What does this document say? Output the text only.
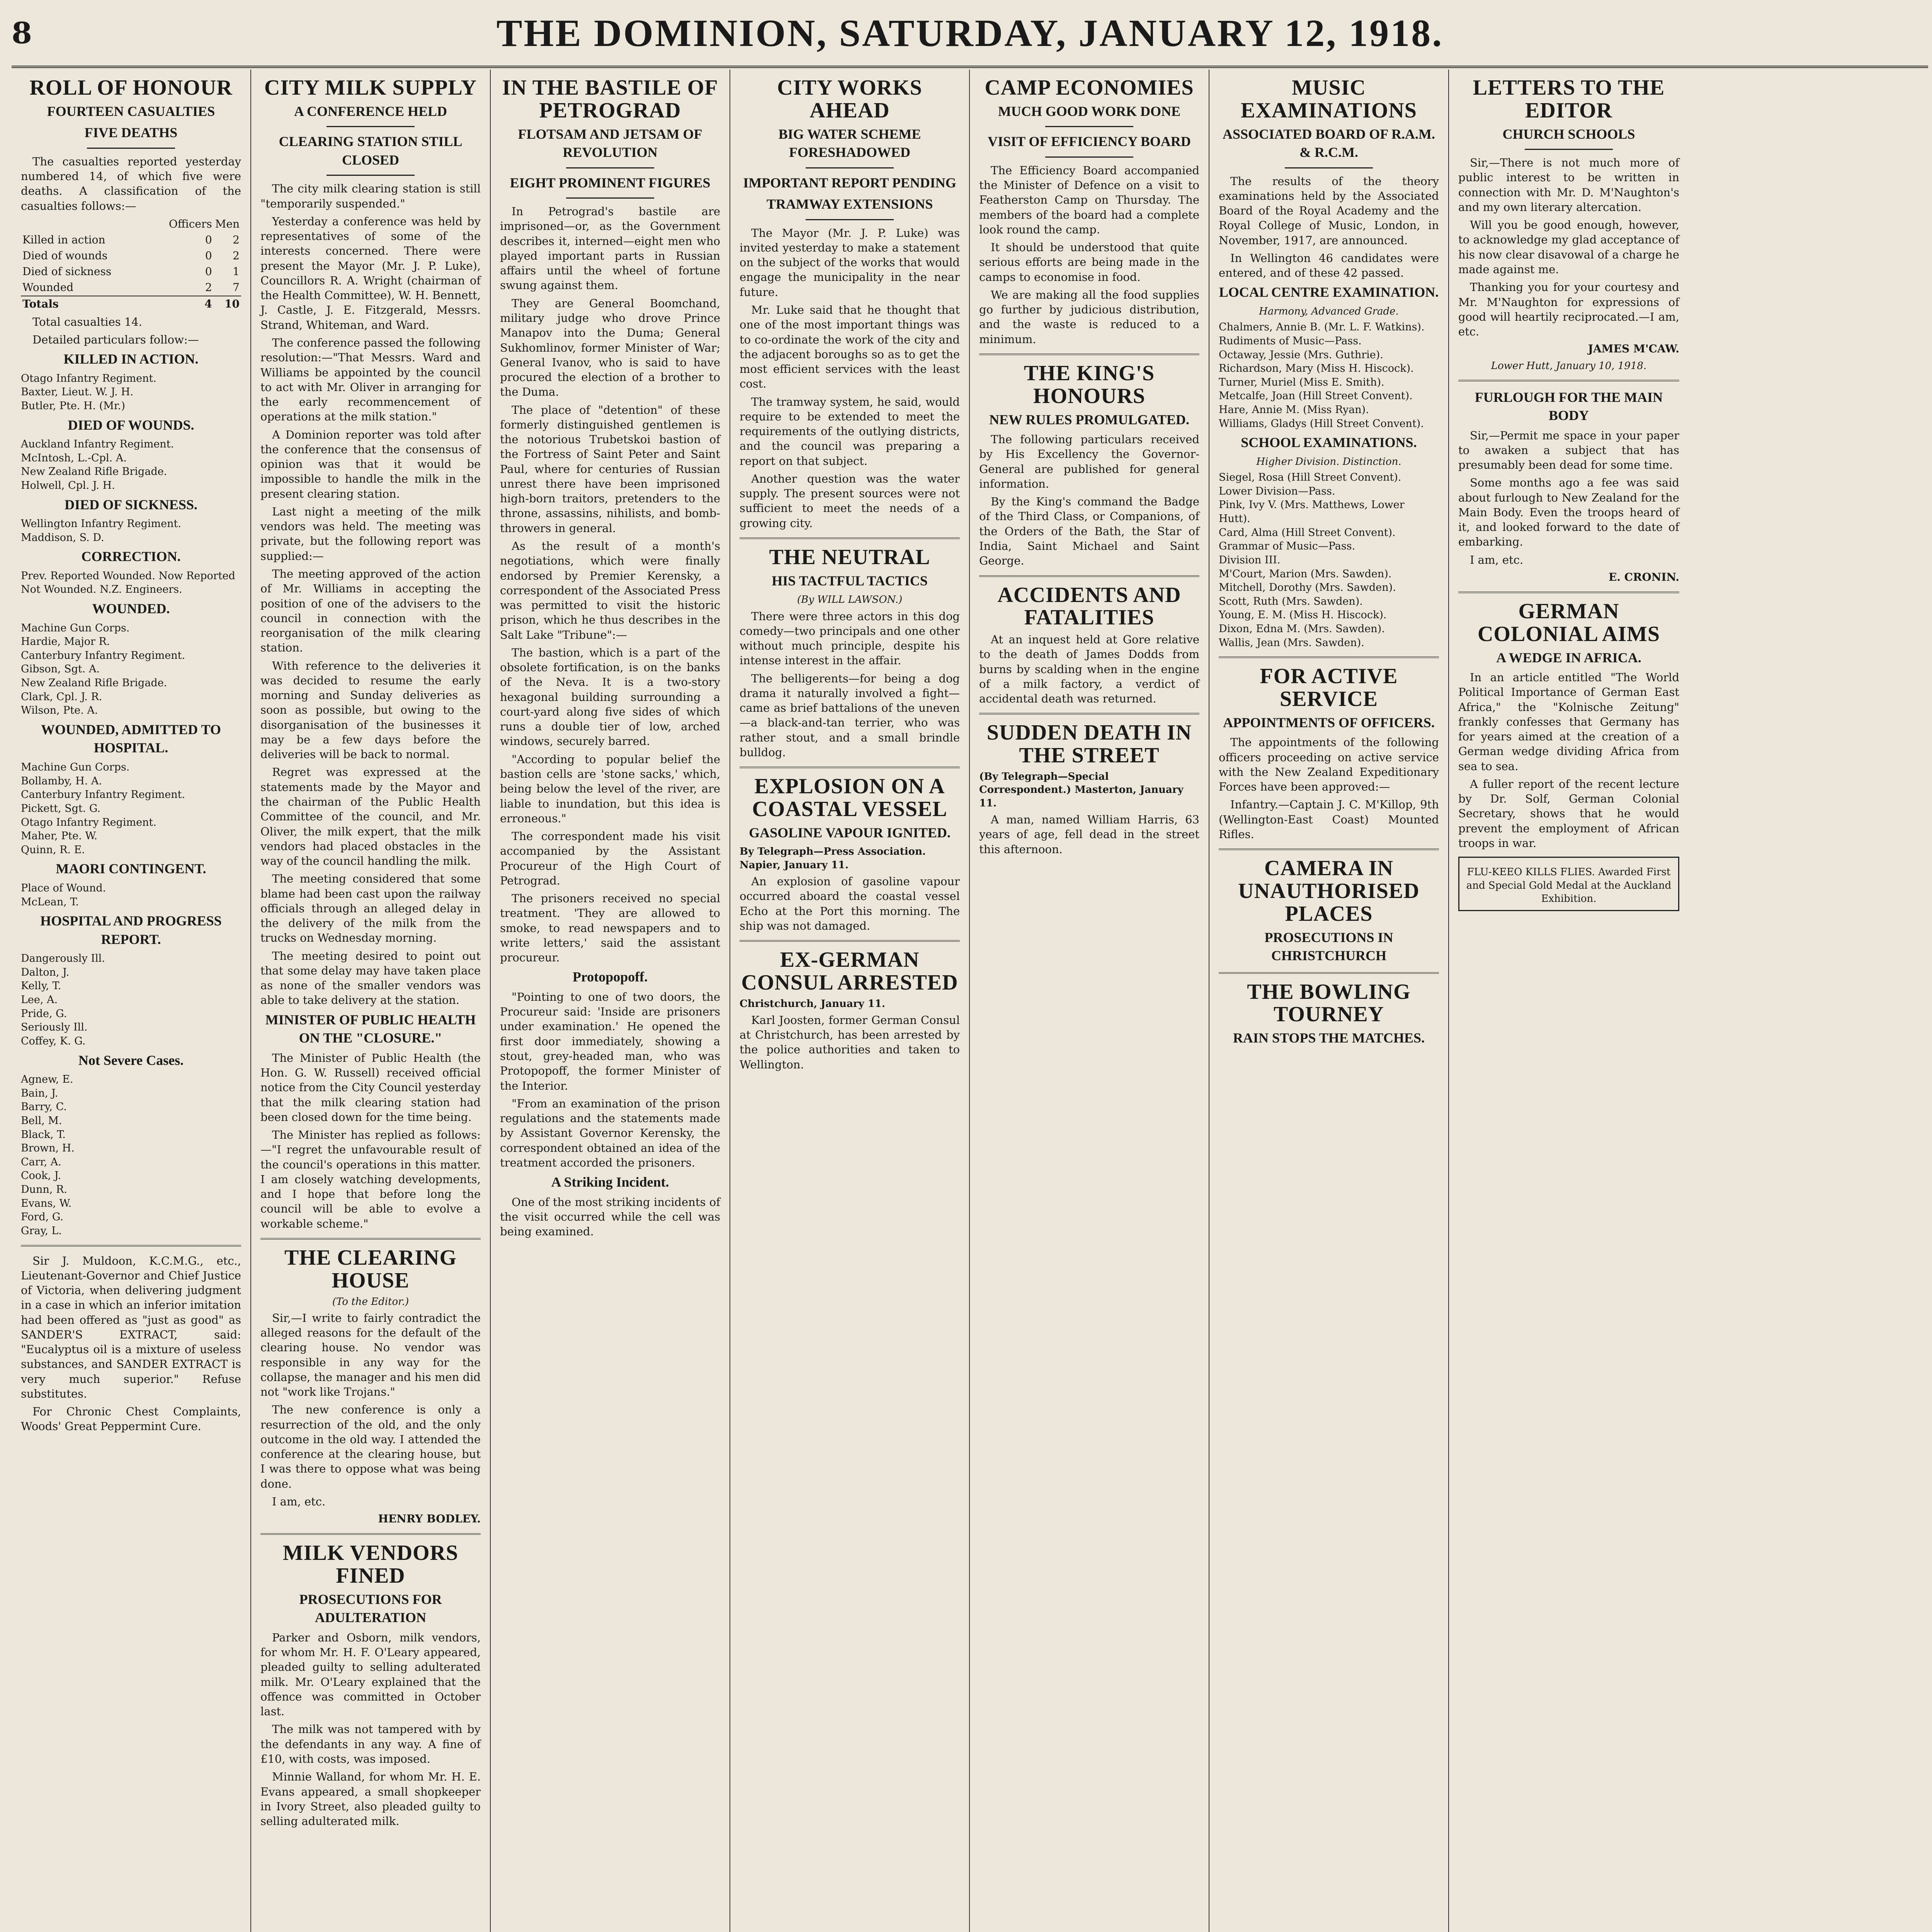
8	THE DOMINION, SATURDAY, JANUARY 12, 1918.
ROLL OF HONOUR
FOURTEEN CASUALTIES
FIVE DEATHS

The casualties reported yesterday numbered 14, of which five were deaths. A classification of the casualties follows:—

	Officers	Men
Killed in action	0	2
Died of wounds	0	2
Died of sickness	0	1
Wounded	2	7
Totals	4	10

Total casualties 14.

Detailed particulars follow:—

KILLED IN ACTION.
Otago Infantry Regiment.
Baxter, Lieut. W. J. H.
Butler, Pte. H. (Mr.)
DIED OF WOUNDS.
Auckland Infantry Regiment.
McIntosh, L.-Cpl. A.
New Zealand Rifle Brigade.
Holwell, Cpl. J. H.
DIED OF SICKNESS.
Wellington Infantry Regiment.
Maddison, S. D.
CORRECTION.
Prev. Reported Wounded. Now Reported Not Wounded. N.Z. Engineers.
WOUNDED.
Machine Gun Corps.
Hardie, Major R.
Canterbury Infantry Regiment.
Gibson, Sgt. A.
New Zealand Rifle Brigade.
Clark, Cpl. J. R.
Wilson, Pte. A.
WOUNDED, ADMITTED TO HOSPITAL.
Machine Gun Corps.
Bollamby, H. A.
Canterbury Infantry Regiment.
Pickett, Sgt. G.
Otago Infantry Regiment.
Maher, Pte. W.
Quinn, R. E.
MAORI CONTINGENT.
Place of Wound.
McLean, T.
HOSPITAL AND PROGRESS REPORT.
Dangerously Ill.
Dalton, J.
Kelly, T.
Lee, A.
Pride, G.
Seriously Ill.
Coffey, K. G.
Not Severe Cases.
Agnew, E.
Bain, J.
Barry, C.
Bell, M.
Black, T.
Brown, H.
Carr, A.
Cook, J.
Dunn, R.
Evans, W.
Ford, G.
Gray, L.

Sir J. Muldoon, K.C.M.G., etc., Lieutenant-Governor and Chief Justice of Victoria, when delivering judgment in a case in which an inferior imitation had been offered as "just as good" as SANDER'S EXTRACT, said: "Eucalyptus oil is a mixture of useless substances, and SANDER EXTRACT is very much superior." Refuse substitutes.

For Chronic Chest Complaints, Woods' Great Peppermint Cure.

CITY MILK SUPPLY
A CONFERENCE HELD
CLEARING STATION STILL CLOSED

The city milk clearing station is still "temporarily suspended."

Yesterday a conference was held by representatives of some of the interests concerned. There were present the Mayor (Mr. J. P. Luke), Councillors R. A. Wright (chairman of the Health Committee), W. H. Bennett, J. Castle, J. E. Fitzgerald, Messrs. Strand, Whiteman, and Ward.

The conference passed the following resolution:—"That Messrs. Ward and Williams be appointed by the council to act with Mr. Oliver in arranging for the early recommencement of operations at the milk station."

A Dominion reporter was told after the conference that the consensus of opinion was that it would be impossible to handle the milk in the present clearing station.

Last night a meeting of the milk vendors was held. The meeting was private, but the following report was supplied:—

The meeting approved of the action of Mr. Williams in accepting the position of one of the advisers to the council in connection with the reorganisation of the milk clearing station.

With reference to the deliveries it was decided to resume the early morning and Sunday deliveries as soon as possible, but owing to the disorganisation of the businesses it may be a few days before the deliveries will be back to normal.

Regret was expressed at the statements made by the Mayor and the chairman of the Public Health Committee of the council, and Mr. Oliver, the milk expert, that the milk vendors had placed obstacles in the way of the council handling the milk.

The meeting considered that some blame had been cast upon the railway officials through an alleged delay in the delivery of the milk from the trucks on Wednesday morning.

The meeting desired to point out that some delay may have taken place as none of the smaller vendors was able to take delivery at the station.

MINISTER OF PUBLIC HEALTH ON THE "CLOSURE."

The Minister of Public Health (the Hon. G. W. Russell) received official notice from the City Council yesterday that the milk clearing station had been closed down for the time being.

The Minister has replied as follows:—"I regret the unfavourable result of the council's operations in this matter. I am closely watching developments, and I hope that before long the council will be able to evolve a workable scheme."

THE CLEARING HOUSE
(To the Editor.)

Sir,—I write to fairly contradict the alleged reasons for the default of the clearing house. No vendor was responsible in any way for the collapse, the manager and his men did not "work like Trojans."

The new conference is only a resurrection of the old, and the only outcome in the old way. I attended the conference at the clearing house, but I was there to oppose what was being done.

I am, etc.

HENRY BODLEY.
MILK VENDORS FINED
PROSECUTIONS FOR ADULTERATION

Parker and Osborn, milk vendors, for whom Mr. H. F. O'Leary appeared, pleaded guilty to selling adulterated milk. Mr. O'Leary explained that the offence was committed in October last.

The milk was not tampered with by the defendants in any way. A fine of £10, with costs, was imposed.

Minnie Walland, for whom Mr. H. E. Evans appeared, a small shopkeeper in Ivory Street, also pleaded guilty to selling adulterated milk.

IN THE BASTILE OF PETROGRAD
FLOTSAM AND JETSAM OF REVOLUTION
EIGHT PROMINENT FIGURES

In Petrograd's bastile are imprisoned—or, as the Government describes it, interned—eight men who played important parts in Russian affairs until the wheel of fortune swung against them.

They are General Boomchand, military judge who drove Prince Manapov into the Duma; General Sukhomlinov, former Minister of War; General Ivanov, who is said to have procured the election of a brother to the Duma.

The place of "detention" of these formerly distinguished gentlemen is the notorious Trubetskoi bastion of the Fortress of Saint Peter and Saint Paul, where for centuries of Russian unrest there have been imprisoned high-born traitors, pretenders to the throne, assassins, nihilists, and bomb-throwers in general.

As the result of a month's negotiations, which were finally endorsed by Premier Kerensky, a correspondent of the Associated Press was permitted to visit the historic prison, which he thus describes in the Salt Lake "Tribune":—

The bastion, which is a part of the obsolete fortification, is on the banks of the Neva. It is a two-story hexagonal building surrounding a court-yard along five sides of which runs a double tier of low, arched windows, securely barred.

"According to popular belief the bastion cells are 'stone sacks,' which, being below the level of the river, are liable to inundation, but this idea is erroneous."

The correspondent made his visit accompanied by the Assistant Procureur of the High Court of Petrograd.

The prisoners received no special treatment. 'They are allowed to smoke, to read newspapers and to write letters,' said the assistant procureur.

Protopopoff.

"Pointing to one of two doors, the Procureur said: 'Inside are prisoners under examination.' He opened the first door immediately, showing a stout, grey-headed man, who was Protopopoff, the former Minister of the Interior.

"From an examination of the prison regulations and the statements made by Assistant Governor Kerensky, the correspondent obtained an idea of the treatment accorded the prisoners.

A Striking Incident.

One of the most striking incidents of the visit occurred while the cell was being examined.

CITY WORKS AHEAD
BIG WATER SCHEME FORESHADOWED
IMPORTANT REPORT PENDING
TRAMWAY EXTENSIONS

The Mayor (Mr. J. P. Luke) was invited yesterday to make a statement on the subject of the works that would engage the municipality in the near future.

Mr. Luke said that he thought that one of the most important things was to co-ordinate the work of the city and the adjacent boroughs so as to get the most efficient services with the least cost.

The tramway system, he said, would require to be extended to meet the requirements of the outlying districts, and the council was preparing a report on that subject.

Another question was the water supply. The present sources were not sufficient to meet the needs of a growing city.

THE NEUTRAL
HIS TACTFUL TACTICS
(By WILL LAWSON.)

There were three actors in this dog comedy—two principals and one other without much principle, despite his intense interest in the affair.

The belligerents—for being a dog drama it naturally involved a fight—came as brief battalions of the uneven—a black-and-tan terrier, who was rather stout, and a small brindle bulldog.

EXPLOSION ON A COASTAL VESSEL
GASOLINE VAPOUR IGNITED.
By Telegraph—Press Association. Napier, January 11.

An explosion of gasoline vapour occurred aboard the coastal vessel Echo at the Port this morning. The ship was not damaged.

EX-GERMAN CONSUL ARRESTED
Christchurch, January 11.

Karl Joosten, former German Consul at Christchurch, has been arrested by the police authorities and taken to Wellington.

CAMP ECONOMIES
MUCH GOOD WORK DONE
VISIT OF EFFICIENCY BOARD

The Efficiency Board accompanied the Minister of Defence on a visit to Featherston Camp on Thursday. The members of the board had a complete look round the camp.

It should be understood that quite serious efforts are being made in the camps to economise in food.

We are making all the food supplies go further by judicious distribution, and the waste is reduced to a minimum.

THE KING'S HONOURS
NEW RULES PROMULGATED.

The following particulars received by His Excellency the Governor-General are published for general information.

By the King's command the Badge of the Third Class, or Companions, of the Orders of the Bath, the Star of India, Saint Michael and Saint George.

ACCIDENTS AND FATALITIES

At an inquest held at Gore relative to the death of James Dodds from burns by scalding when in the engine of a milk factory, a verdict of accidental death was returned.

SUDDEN DEATH IN THE STREET
(By Telegraph—Special Correspondent.) Masterton, January 11.

A man, named William Harris, 63 years of age, fell dead in the street this afternoon.

MUSIC EXAMINATIONS
ASSOCIATED BOARD OF R.A.M. & R.C.M.

The results of the theory examinations held by the Associated Board of the Royal Academy and the Royal College of Music, London, in November, 1917, are announced.

In Wellington 46 candidates were entered, and of these 42 passed.

LOCAL CENTRE EXAMINATION.
Harmony, Advanced Grade.
Chalmers, Annie B. (Mr. L. F. Watkins).
Rudiments of Music—Pass.
Octaway, Jessie (Mrs. Guthrie).
Richardson, Mary (Miss H. Hiscock).
Turner, Muriel (Miss E. Smith).
Metcalfe, Joan (Hill Street Convent).
Hare, Annie M. (Miss Ryan).
Williams, Gladys (Hill Street Convent).
SCHOOL EXAMINATIONS.
Higher Division. Distinction.
Siegel, Rosa (Hill Street Convent).
Lower Division—Pass.
Pink, Ivy V. (Mrs. Matthews, Lower Hutt).
Card, Alma (Hill Street Convent).
Grammar of Music—Pass.
Division III.
M'Court, Marion (Mrs. Sawden).
Mitchell, Dorothy (Mrs. Sawden).
Scott, Ruth (Mrs. Sawden).
Young, E. M. (Miss H. Hiscock).
Dixon, Edna M. (Mrs. Sawden).
Wallis, Jean (Mrs. Sawden).
FOR ACTIVE SERVICE
APPOINTMENTS OF OFFICERS.

The appointments of the following officers proceeding on active service with the New Zealand Expeditionary Forces have been approved:—

Infantry.—Captain J. C. M'Killop, 9th (Wellington-East Coast) Mounted Rifles.

CAMERA IN UNAUTHORISED PLACES
PROSECUTIONS IN CHRISTCHURCH
THE BOWLING TOURNEY
RAIN STOPS THE MATCHES.
LETTERS TO THE EDITOR
CHURCH SCHOOLS

Sir,—There is not much more of public interest to be written in connection with Mr. D. M'Naughton's and my own literary altercation.

Will you be good enough, however, to acknowledge my glad acceptance of his now clear disavowal of a charge he made against me.

Thanking you for your courtesy and Mr. M'Naughton for expressions of good will heartily reciprocated.—I am, etc.

JAMES M'CAW.
Lower Hutt, January 10, 1918.
FURLOUGH FOR THE MAIN BODY

Sir,—Permit me space in your paper to awaken a subject that has presumably been dead for some time.

Some months ago a fee was said about furlough to New Zealand for the Main Body. Even the troops heard of it, and looked forward to the date of embarking.

I am, etc.

E. CRONIN.
GERMAN COLONIAL AIMS
A WEDGE IN AFRICA.

In an article entitled "The World Political Importance of German East Africa," the "Kolnische Zeitung" frankly confesses that Germany has for years aimed at the creation of a German wedge dividing Africa from sea to sea.

A fuller report of the recent lecture by Dr. Solf, German Colonial Secretary, shows that he would prevent the employment of African troops in war.

FLU-KEEO KILLS FLIES. Awarded First and Special Gold Medal at the Auckland Exhibition.
